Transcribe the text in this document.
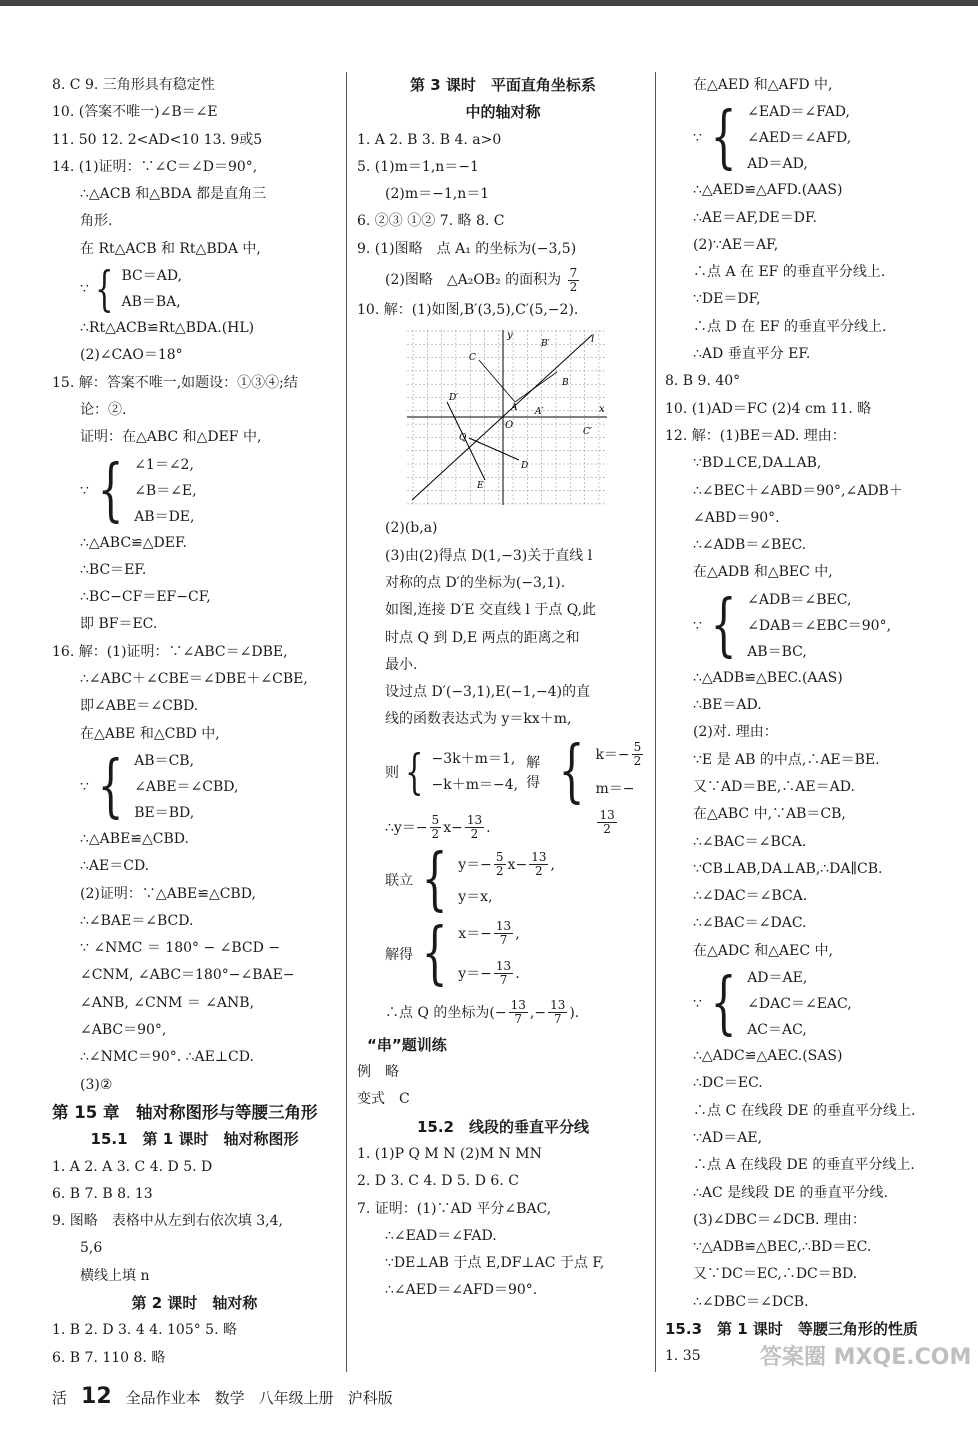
8. C 9. 三角形具有稳定性
10. (答案不唯一)∠B＝∠E
11. 50 12. 2<AD<10 13. 9或5
14. (1)证明：∵∠C＝∠D＝90°,
∴△ACB 和△BDA 都是直角三
角形.
在 Rt△ACB 和 Rt△BDA 中,
∵ { BC＝AD,
AB＝BA,
∴Rt△ACB≌Rt△BDA.(HL)
(2)∠CAO＝18°
15. 解：答案不唯一,如题设：①③④;结
论：②.
证明：在△ABC 和△DEF 中,
∵ { ∠1＝∠2,
∠B＝∠E,
AB＝DE,
∴△ABC≌△DEF.
∴BC＝EF.
∴BC−CF＝EF−CF,
即 BF＝EC.
16. 解：(1)证明：∵∠ABC＝∠DBE,
∴∠ABC＋∠CBE＝∠DBE＋∠CBE,
即∠ABE＝∠CBD.
在△ABE 和△CBD 中,
∵ { AB＝CB,
∠ABE＝∠CBD,
BE＝BD,
∴△ABE≌△CBD.
∴AE＝CD.
(2)证明：∵△ABE≌△CBD,
∴∠BAE＝∠BCD.
∵ ∠NMC ＝ 180° − ∠BCD −
∠CNM, ∠ABC＝180°−∠BAE−
∠ANB, ∠CNM ＝ ∠ANB,
∠ABC＝90°,
∴∠NMC＝90°. ∴AE⊥CD.
(3)②
第 15 章　轴对称图形与等腰三角形
15.1　第 1 课时　轴对称图形
1. A 2. A 3. C 4. D 5. D
6. B 7. B 8. 13
9. 图略　表格中从左到右依次填 3,4,
5,6
横线上填 n
第 2 课时　轴对称
1. B 2. D 3. 4 4. 105° 5. 略
6. B 7. 110 8. 略
第 3 课时　平面直角坐标系
中的轴对称
1. A 2. B 3. B 4. a>0
5. (1)m＝1,n＝−1
(2)m＝−1,n＝1
6. ②③ ①② 7. 略 8. C
9. (1)图略　点 A₁ 的坐标为(−3,5)
(2)图略　△A₂OB₂ 的面积为 $\frac{7}{2}$
10. 解：(1)如图,B′(3,5),C′(5,−2).
x
y
O
l
A
B
B′
C
C′
D
D′
E
Q
A′
(2)(b,a)
(3)由(2)得点 D(1,−3)关于直线 l
对称的点 D′的坐标为(−3,1).
如图,连接 D′E 交直线 l 于点 Q,此
时点 Q 到 D,E 两点的距离之和
最小.
设过点 D′(−3,1),E(−1,−4)的直
线的函数表达式为 y＝kx＋m,
则 { −3k＋m＝1,
−k＋m＝−4,
解得 { $k=- \frac{5}{2}$
m＝−
$\frac{13}{2}$
∴y＝− $\frac{5}{2} x- \frac{13}{2}$ .
联立 { $y=- \frac{5}{2} x- \frac{13}{2}$ ,
y＝x,
解得 { $x=- \frac{13}{7}$ ,
$y=- \frac{13}{7}$ .
∴点 Q 的坐标为(− $\frac{13}{7}$ ,− $\frac{13}{7}$ ).
“串”题训练
例　略
变式　C
15.2　线段的垂直平分线
1. (1)P Q M N (2)M N MN
2. D 3. C 4. D 5. D 6. C
7. 证明：(1)∵AD 平分∠BAC,
∴∠EAD＝∠FAD.
∵DE⊥AB 于点 E,DF⊥AC 于点 F,
∴∠AED＝∠AFD＝90°.
在△AED 和△AFD 中,
∵ { ∠EAD＝∠FAD,
∠AED＝∠AFD,
AD＝AD,
∴△AED≌△AFD.(AAS)
∴AE＝AF,DE＝DF.
(2)∵AE＝AF,
∴点 A 在 EF 的垂直平分线上.
∵DE＝DF,
∴点 D 在 EF 的垂直平分线上.
∴AD 垂直平分 EF.
8. B 9. 40°
10. (1)AD＝FC (2)4 cm 11. 略
12. 解：(1)BE＝AD. 理由：
∵BD⊥CE,DA⊥AB,
∴∠BEC＋∠ABD＝90°,∠ADB＋
∠ABD＝90°.
∴∠ADB＝∠BEC.
在△ADB 和△BEC 中,
∵ { ∠ADB＝∠BEC,
∠DAB＝∠EBC＝90°,
AB＝BC,
∴△ADB≌△BEC.(AAS)
∴BE＝AD.
(2)对. 理由：
∵E 是 AB 的中点,∴AE＝BE.
又∵AD＝BE,∴AE＝AD.
在△ABC 中,∵AB＝CB,
∴∠BAC＝∠BCA.
∵CB⊥AB,DA⊥AB,∴DA∥CB.
∴∠DAC＝∠BCA.
∴∠BAC＝∠DAC.
在△ADC 和△AEC 中,
∵ { AD＝AE,
∠DAC＝∠EAC,
AC＝AC,
∴△ADC≌△AEC.(SAS)
∴DC＝EC.
∴点 C 在线段 DE 的垂直平分线上.
∵AD＝AE,
∴点 A 在线段 DE 的垂直平分线上.
∴AC 是线段 DE 的垂直平分线.
(3)∠DBC＝∠DCB. 理由：
∵△ADB≌△BEC,∴BD＝EC.
又∵DC＝EC,∴DC＝BD.
∴∠DBC＝∠DCB.
15.3　第 1 课时　等腰三角形的性质
1. 35	答案圈 MXQE.COM
活 12 全品作业本 数学 八年级上册 沪科版
